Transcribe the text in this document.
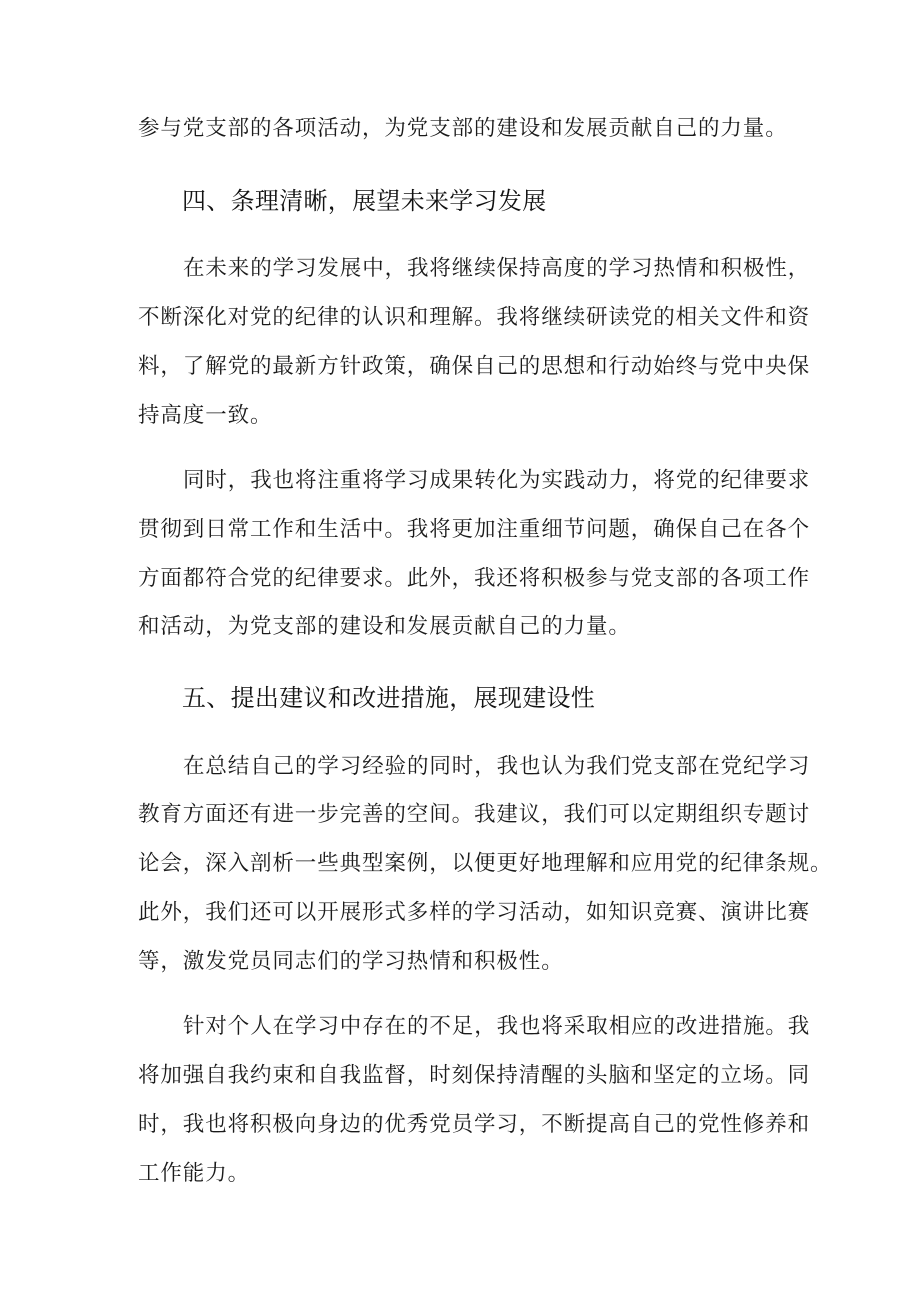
参与党支部的各项活动，为党支部的建设和发展贡献自己的力量。
四、条理清晰，展望未来学习发展
在未来的学习发展中，我将继续保持高度的学习热情和积极性，
不断深化对党的纪律的认识和理解。我将继续研读党的相关文件和资
料，了解党的最新方针政策，确保自己的思想和行动始终与党中央保
持高度一致。
同时，我也将注重将学习成果转化为实践动力，将党的纪律要求
贯彻到日常工作和生活中。我将更加注重细节问题，确保自己在各个
方面都符合党的纪律要求。此外，我还将积极参与党支部的各项工作
和活动，为党支部的建设和发展贡献自己的力量。
五、提出建议和改进措施，展现建设性
在总结自己的学习经验的同时，我也认为我们党支部在党纪学习
教育方面还有进一步完善的空间。我建议，我们可以定期组织专题讨
论会，深入剖析一些典型案例，以便更好地理解和应用党的纪律条规。
此外，我们还可以开展形式多样的学习活动，如知识竞赛、演讲比赛
等，激发党员同志们的学习热情和积极性。
针对个人在学习中存在的不足，我也将采取相应的改进措施。我
将加强自我约束和自我监督，时刻保持清醒的头脑和坚定的立场。同
时，我也将积极向身边的优秀党员学习，不断提高自己的党性修养和
工作能力。
